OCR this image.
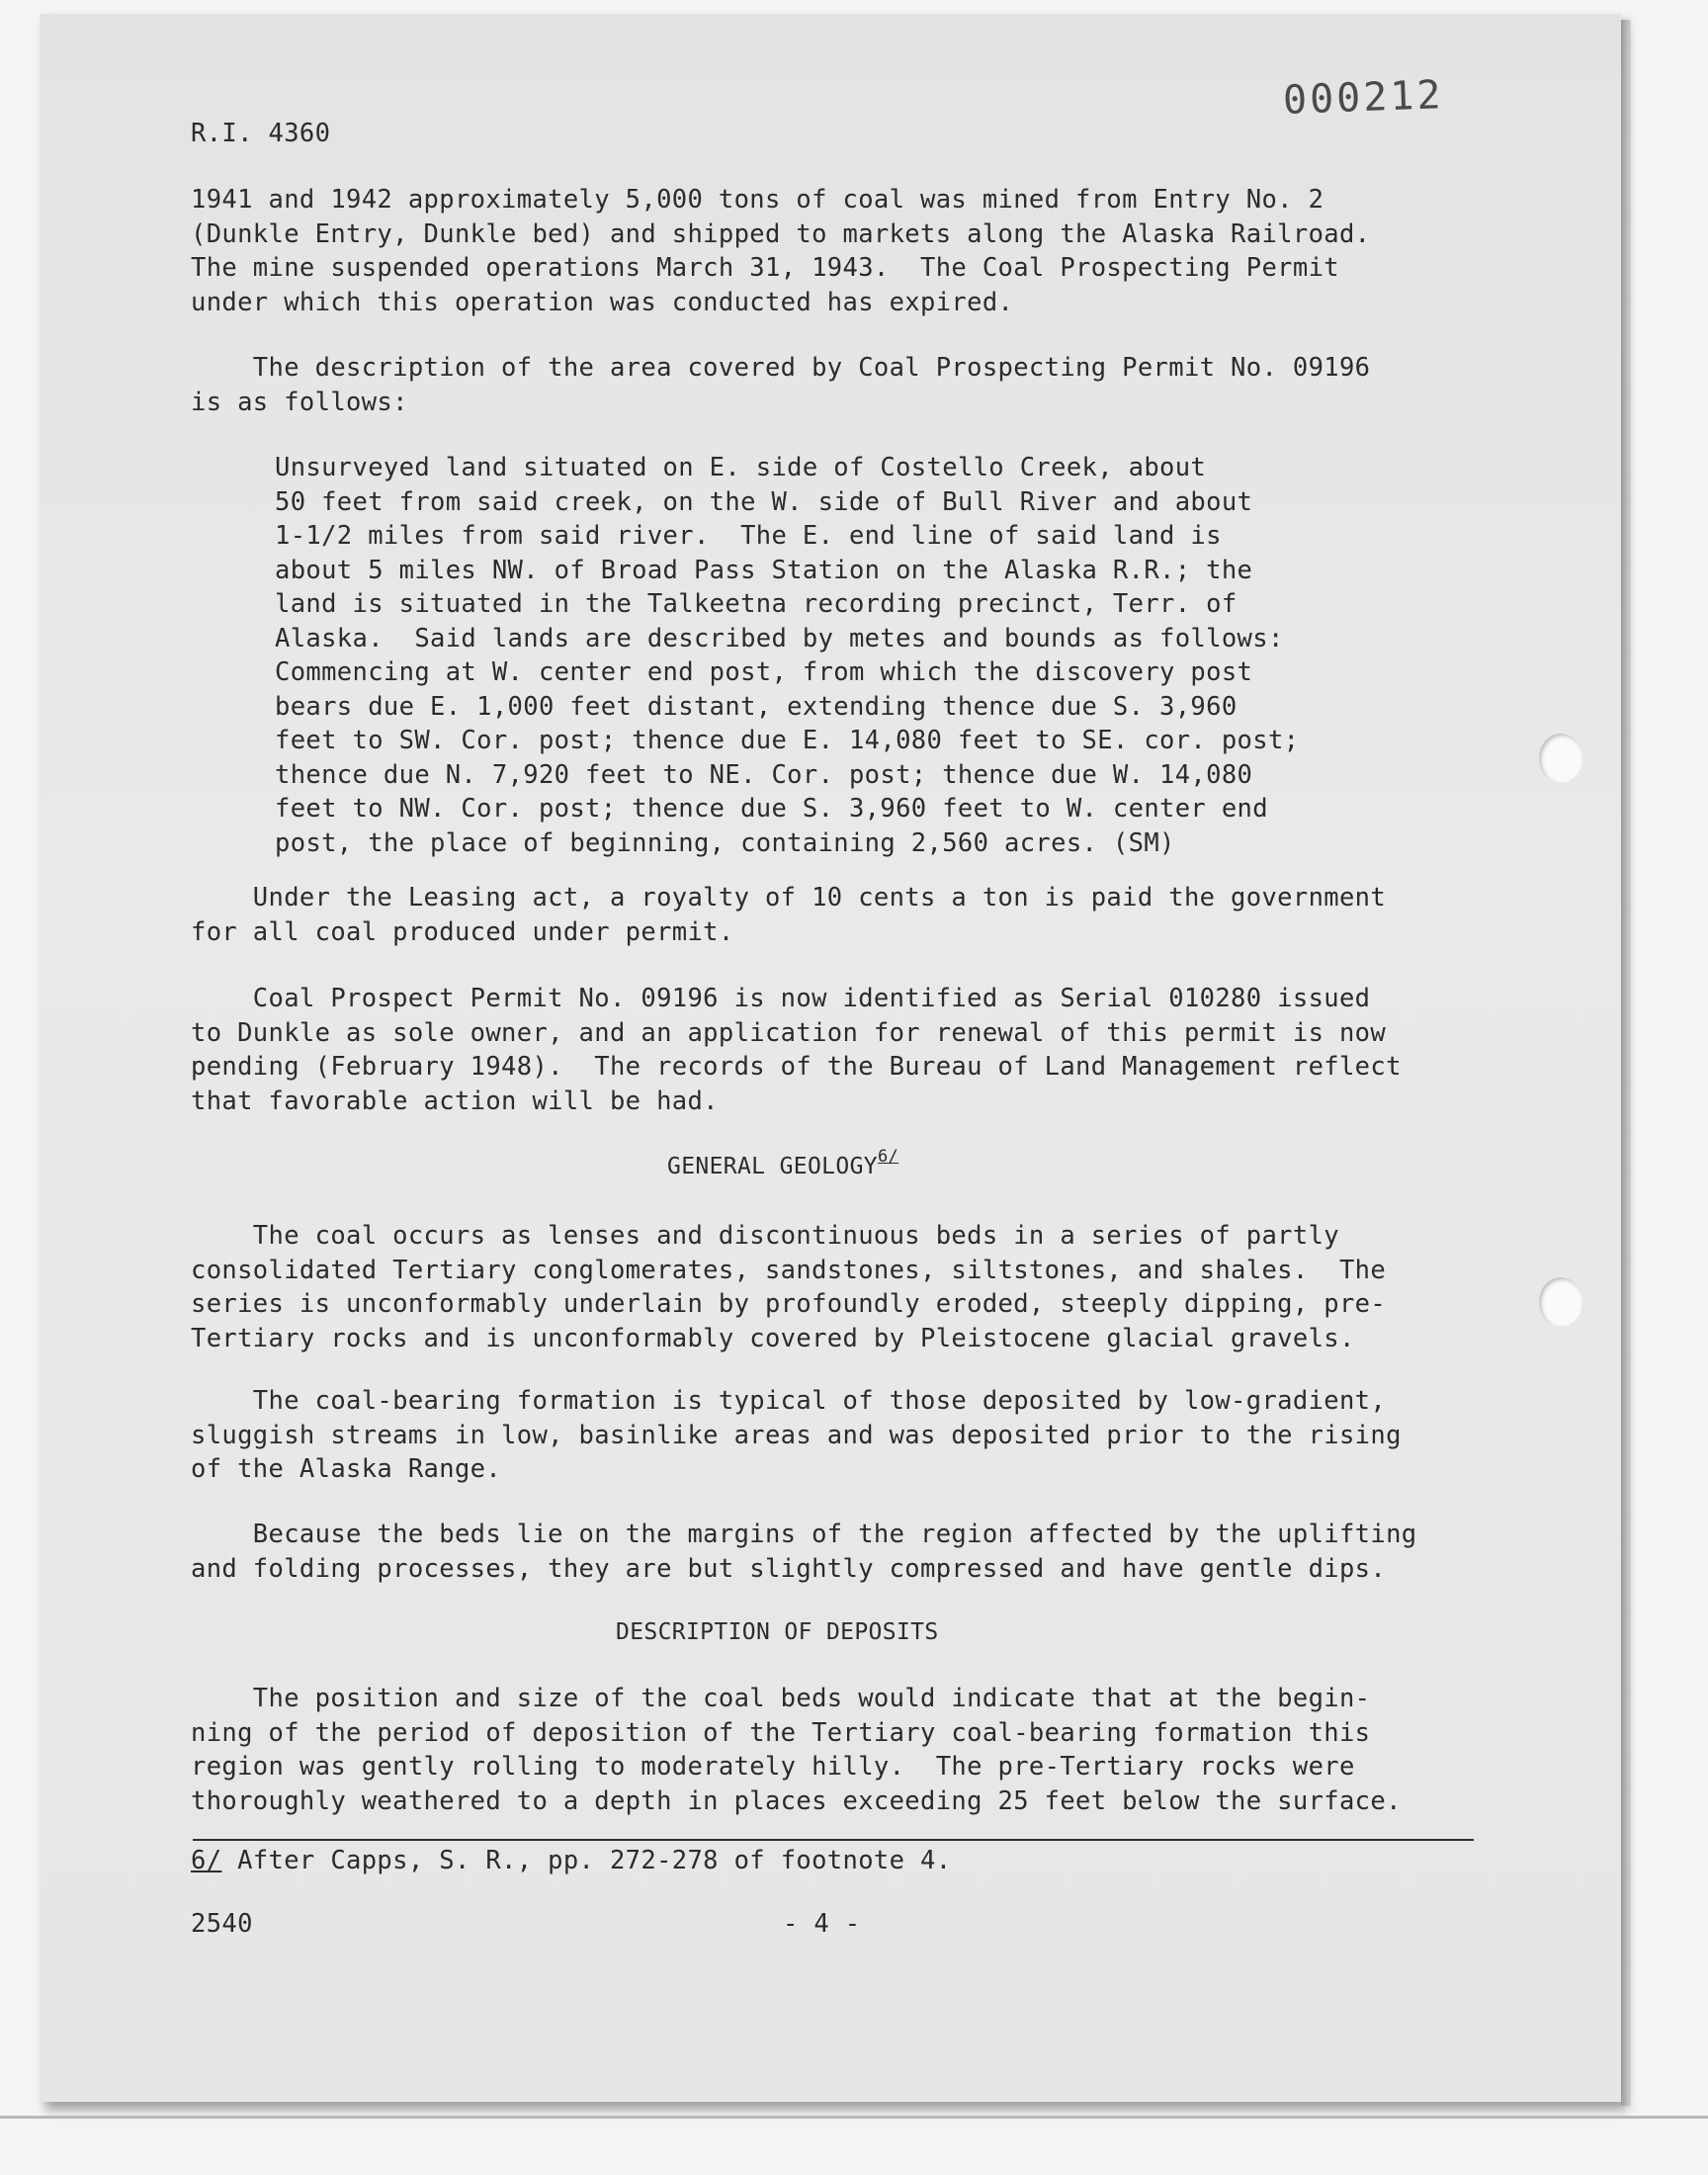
R.I. 4360
000212
1941 and 1942 approximately 5,000 tons of coal was mined from Entry No. 2
(Dunkle Entry, Dunkle bed) and shipped to markets along the Alaska Railroad.
The mine suspended operations March 31, 1943.  The Coal Prospecting Permit
under which this operation was conducted has expired.
The description of the area covered by Coal Prospecting Permit No. 09196
is as follows:
Unsurveyed land situated on E. side of Costello Creek, about
50 feet from said creek, on the W. side of Bull River and about
1-1/2 miles from said river.  The E. end line of said land is
about 5 miles NW. of Broad Pass Station on the Alaska R.R.; the
land is situated in the Talkeetna recording precinct, Terr. of
Alaska.  Said lands are described by metes and bounds as follows:
Commencing at W. center end post, from which the discovery post
bears due E. 1,000 feet distant, extending thence due S. 3,960
feet to SW. Cor. post; thence due E. 14,080 feet to SE. cor. post;
thence due N. 7,920 feet to NE. Cor. post; thence due W. 14,080
feet to NW. Cor. post; thence due S. 3,960 feet to W. center end
post, the place of beginning, containing 2,560 acres. (SM)
Under the Leasing act, a royalty of 10 cents a ton is paid the government
for all coal produced under permit.
Coal Prospect Permit No. 09196 is now identified as Serial 010280 issued
to Dunkle as sole owner, and an application for renewal of this permit is now
pending (February 1948).  The records of the Bureau of Land Management reflect
that favorable action will be had.
GENERAL $GEOLOGY^{6/}$
The coal occurs as lenses and discontinuous beds in a series of partly
consolidated Tertiary conglomerates, sandstones, siltstones, and shales.  The
series is unconformably underlain by profoundly eroded, steeply dipping, pre-
Tertiary rocks and is unconformably covered by Pleistocene glacial gravels.
The coal-bearing formation is typical of those deposited by low-gradient,
sluggish streams in low, basinlike areas and was deposited prior to the rising
of the Alaska Range.
Because the beds lie on the margins of the region affected by the uplifting
and folding processes, they are but slightly compressed and have gentle dips.
DESCRIPTION OF DEPOSITS
The position and size of the coal beds would indicate that at the begin-
ning of the period of deposition of the Tertiary coal-bearing formation this
region was gently rolling to moderately hilly.  The pre-Tertiary rocks were
thoroughly weathered to a depth in places exceeding 25 feet below the surface.
6/ After Capps, S. R., pp. 272-278 of footnote 4.
2540	- 4 -
